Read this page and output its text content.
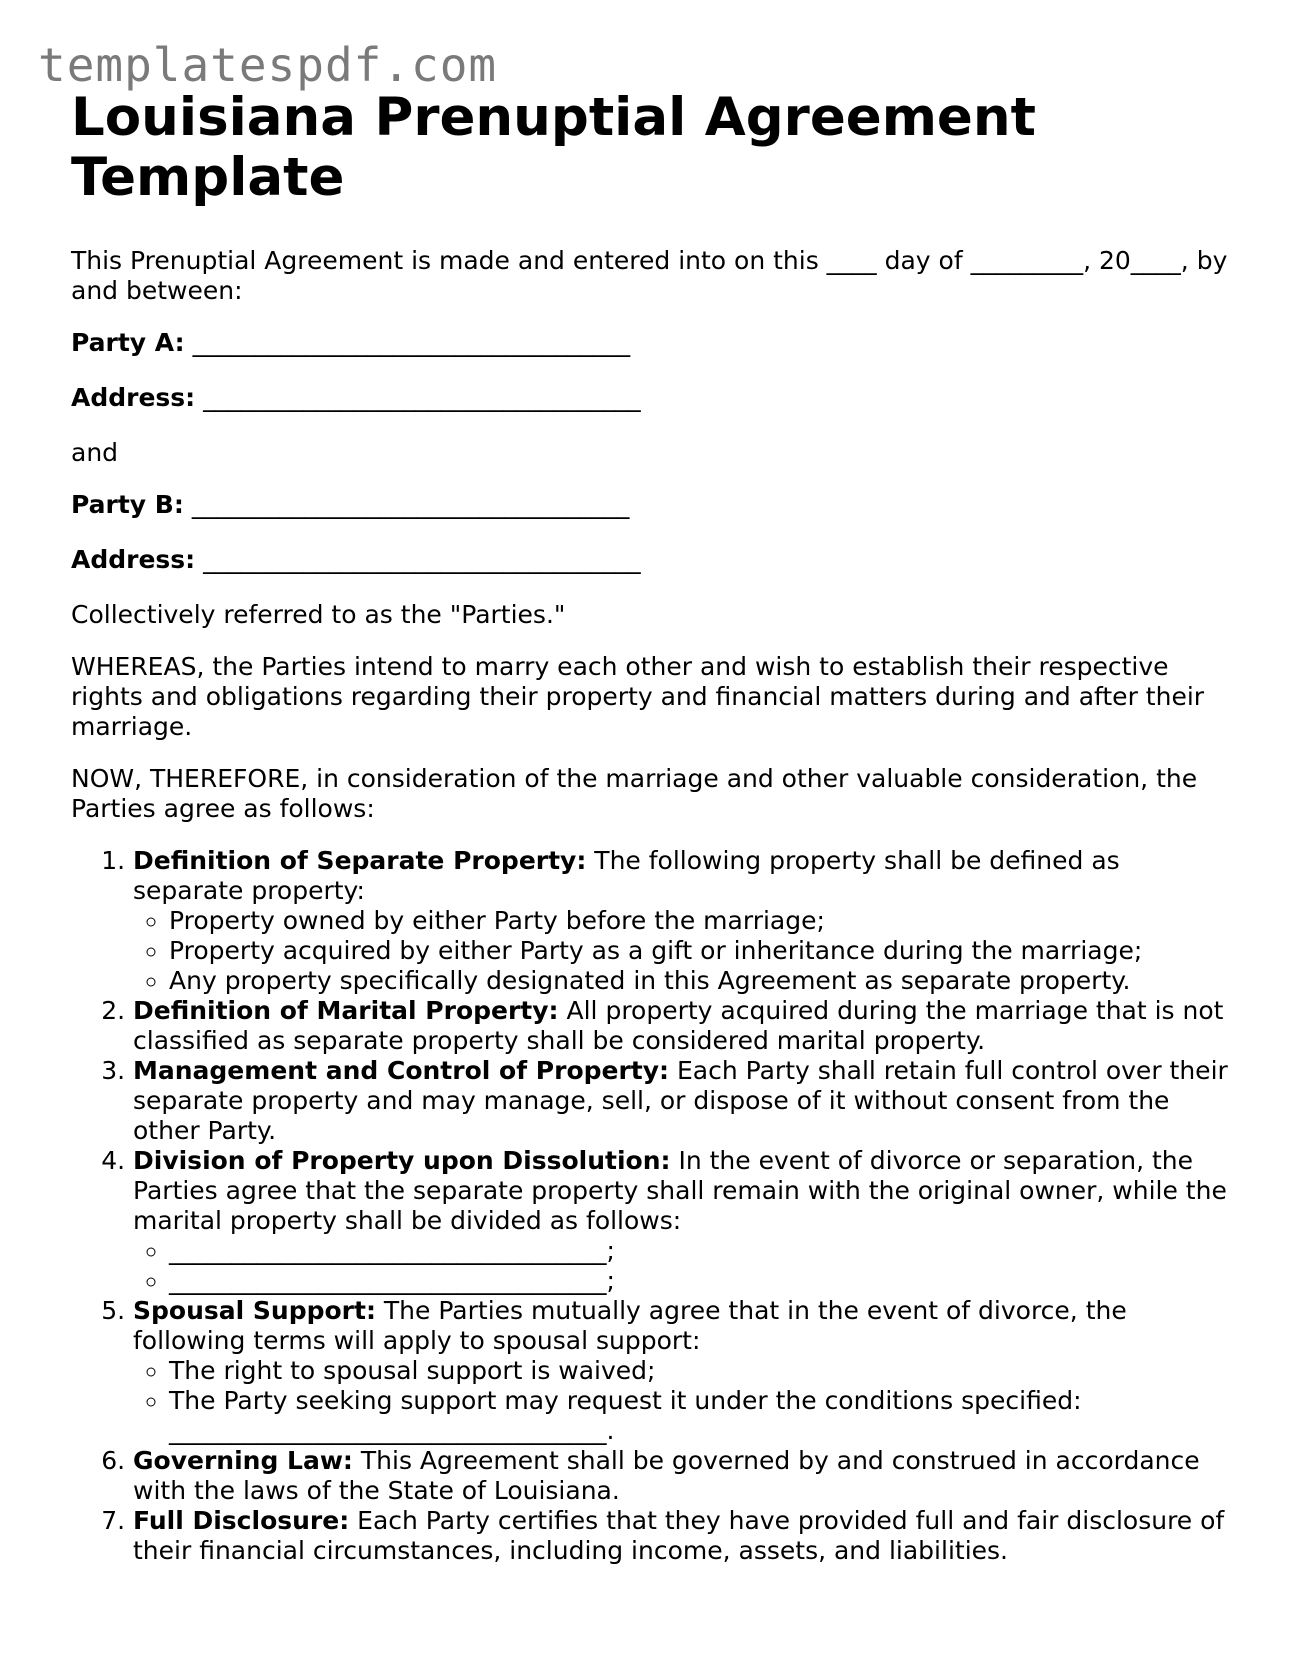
templatespdf.com
Louisiana Prenuptial Agreement
Template

This Prenuptial Agreement is made and entered into on this ____ day of _________, 20____, by and between:

Party A: ___________________________________
Address: ___________________________________

and

Party B: ___________________________________
Address: ___________________________________

Collectively referred to as the "Parties."

WHEREAS, the Parties intend to marry each other and wish to establish their respective rights and obligations regarding their property and financial matters during and after their marriage.

NOW, THEREFORE, in consideration of the marriage and other valuable consideration, the Parties agree as follows:

1. Definition of Separate Property: The following property shall be defined as separate property:
◦ Property owned by either Party before the marriage;
◦ Property acquired by either Party as a gift or inheritance during the marriage;
◦ Any property specifically designated in this Agreement as separate property.
2. Definition of Marital Property: All property acquired during the marriage that is not classified as separate property shall be considered marital property.
3. Management and Control of Property: Each Party shall retain full control over their separate property and may manage, sell, or dispose of it without consent from the other Party.
4. Division of Property upon Dissolution: In the event of divorce or separation, the Parties agree that the separate property shall remain with the original owner, while the marital property shall be divided as follows:
◦ ___________________________________;
◦ ___________________________________;
5. Spousal Support: The Parties mutually agree that in the event of divorce, the following terms will apply to spousal support:
◦ The right to spousal support is waived;
◦ The Party seeking support may request it under the conditions specified: ___________________________________.
6. Governing Law: This Agreement shall be governed by and construed in accordance with the laws of the State of Louisiana.
7. Full Disclosure: Each Party certifies that they have provided full and fair disclosure of their financial circumstances, including income, assets, and liabilities.
